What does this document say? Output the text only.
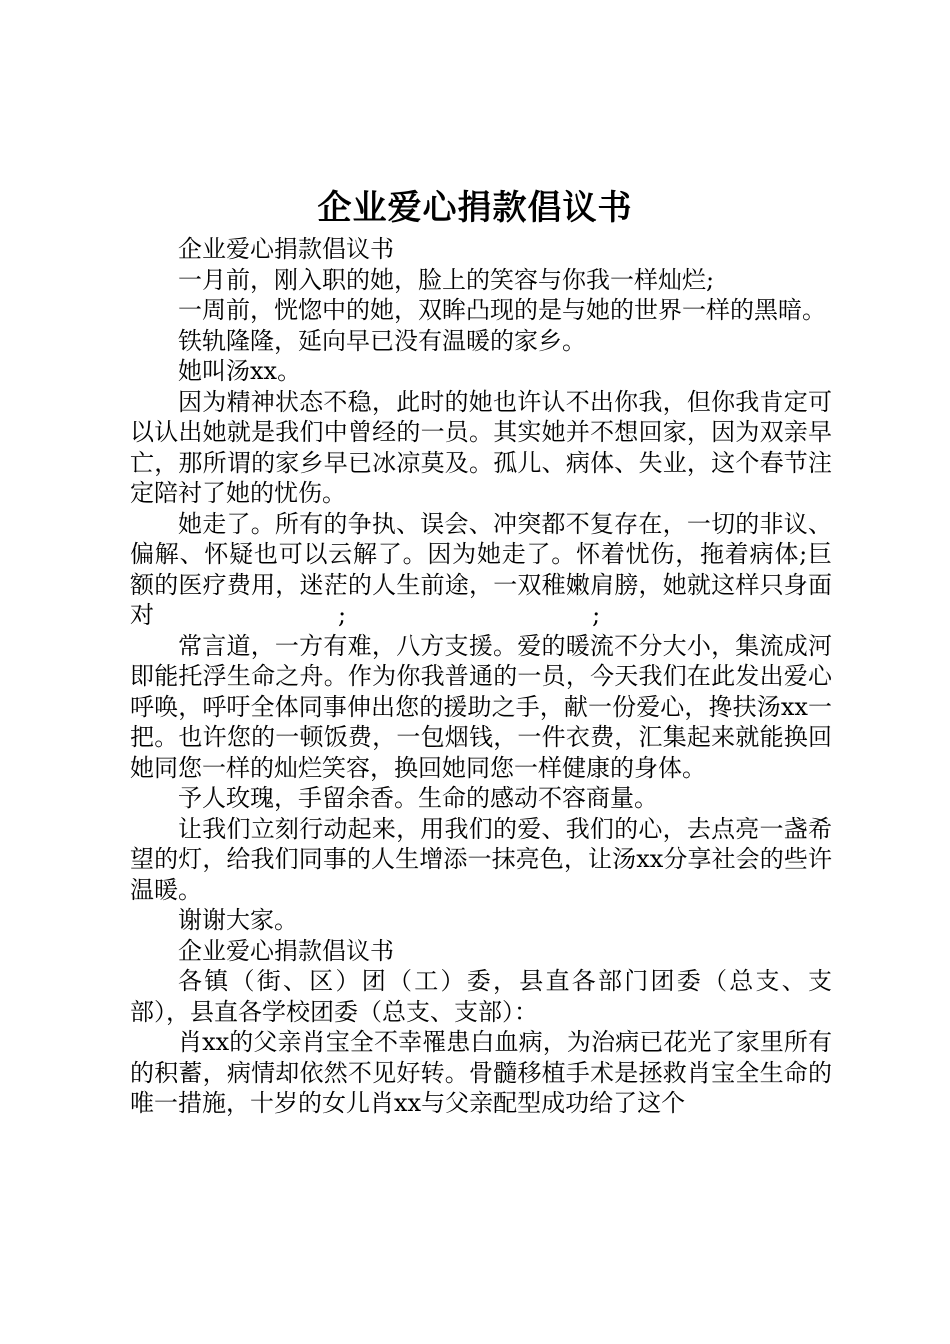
企业爱心捐款倡议书

企业爱心捐款倡议书

一月前，刚入职的她，脸上的笑容与你我一样灿烂;

一周前，恍惚中的她，双眸凸现的是与她的世界一样的黑暗。

铁轨隆隆，延向早已没有温暖的家乡。

她叫汤xx。

因为精神状态不稳，此时的她也许认不出你我，但你我肯定可以认出她就是我们中曾经的一员。其实她并不想回家，因为双亲早亡，那所谓的家乡早已冰凉莫及。孤儿、病体、失业，这个春节注定陪衬了她的忧伤。

她走了。所有的争执、误会、冲突都不复存在，一切的非议、偏解、怀疑也可以云解了。因为她走了。怀着忧伤，拖着病体;巨额的医疗费用，迷茫的人生前途，一双稚嫩肩膀，她就这样只身面对	;	;

常言道，一方有难，八方支援。爱的暖流不分大小，集流成河即能托浮生命之舟。作为你我普通的一员，今天我们在此发出爱心呼唤，呼吁全体同事伸出您的援助之手，献一份爱心，搀扶汤xx一把。也许您的一顿饭费，一包烟钱，一件衣费，汇集起来就能换回她同您一样的灿烂笑容，换回她同您一样健康的身体。

予人玫瑰，手留余香。生命的感动不容商量。

让我们立刻行动起来，用我们的爱、我们的心，去点亮一盏希望的灯，给我们同事的人生增添一抹亮色，让汤xx分享社会的些许温暖。

谢谢大家。

企业爱心捐款倡议书

各镇（街、区）团（工）委，县直各部门团委（总支、支部），县直各学校团委（总支、支部）：

肖xx的父亲肖宝全不幸罹患白血病，为治病已花光了家里所有的积蓄，病情却依然不见好转。骨髓移植手术是拯救肖宝全生命的唯一措施，十岁的女儿肖xx与父亲配型成功给了这个
